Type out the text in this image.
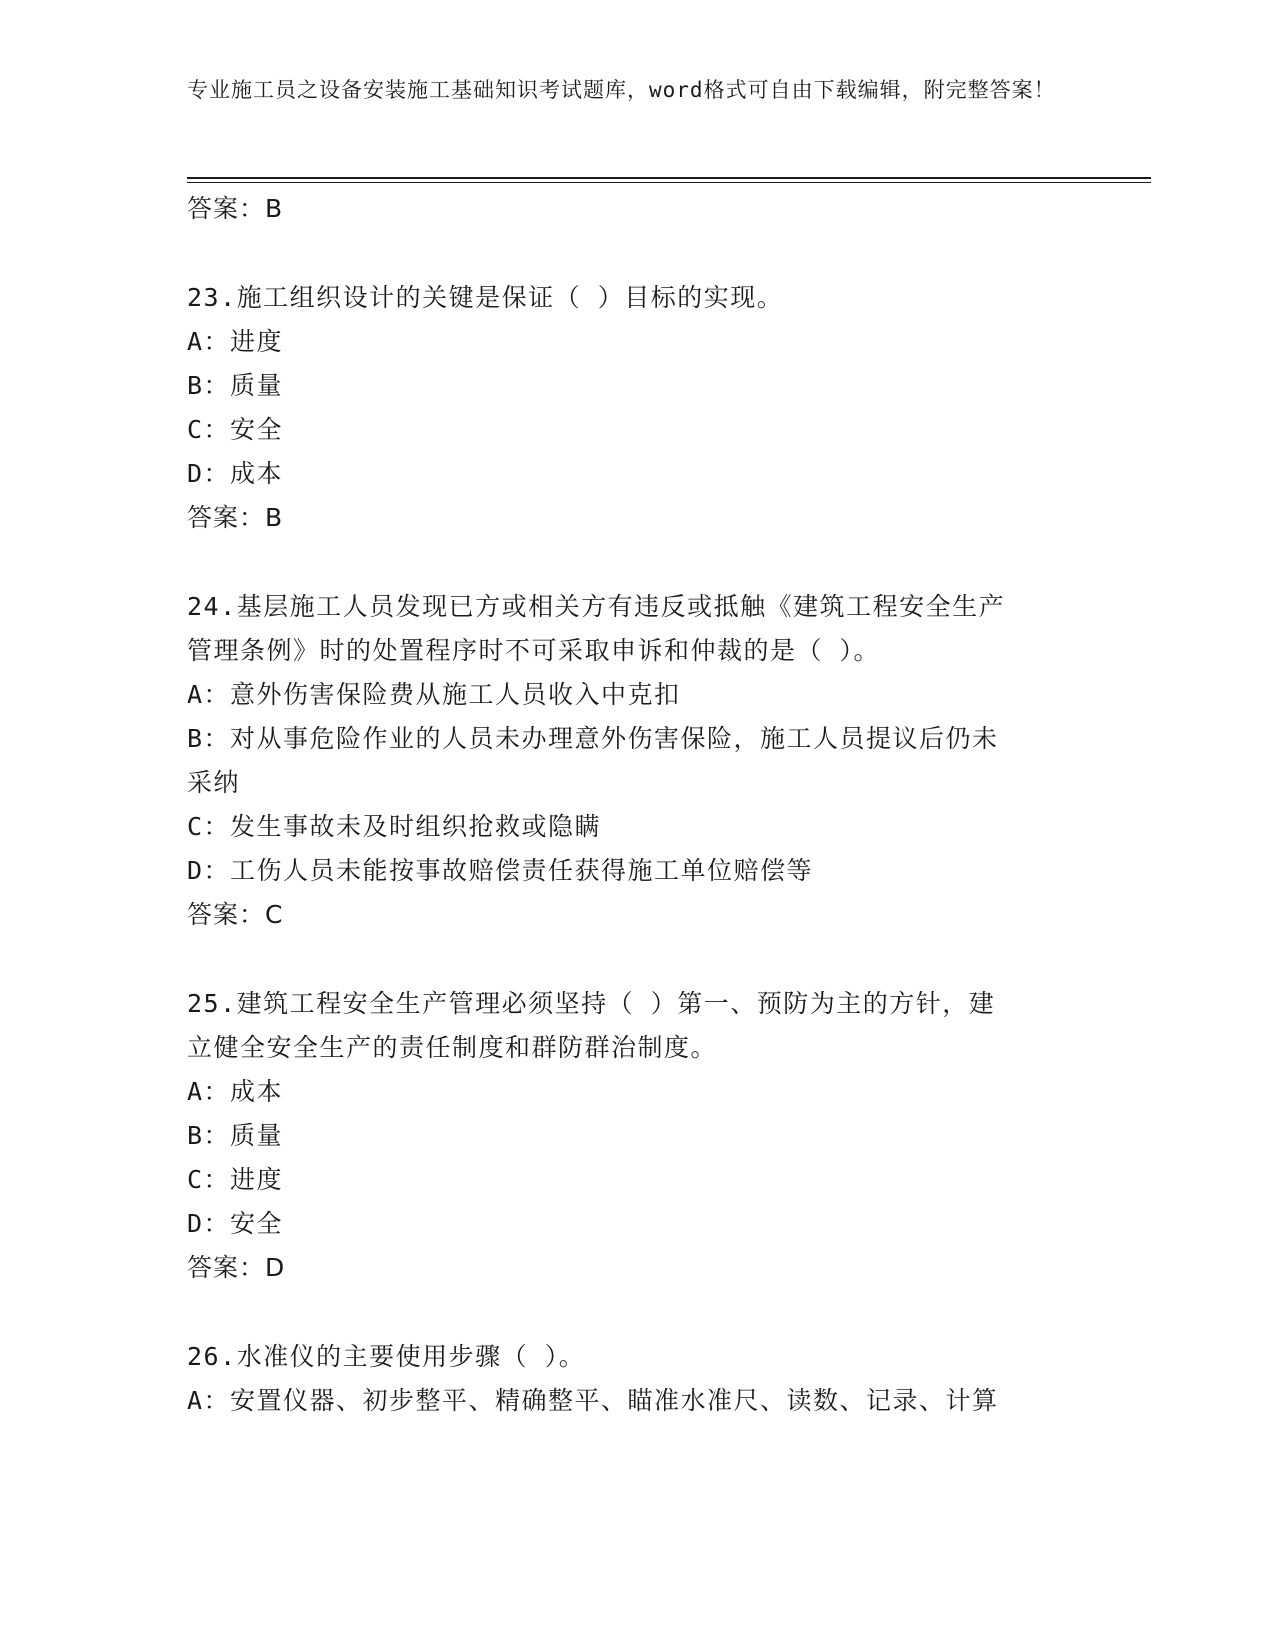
专业施工员之设备安装施工基础知识考试题库，word格式可自由下载编辑，附完整答案！
答案：B
23.施工组织设计的关键是保证（ ）目标的实现。
A：进度
B：质量
C：安全
D：成本
答案：B
24.基层施工人员发现已方或相关方有违反或抵触《建筑工程安全生产
管理条例》时的处置程序时不可采取申诉和仲裁的是（ ）。
A：意外伤害保险费从施工人员收入中克扣
B：对从事危险作业的人员未办理意外伤害保险，施工人员提议后仍未
采纳
C：发生事故未及时组织抢救或隐瞒
D：工伤人员未能按事故赔偿责任获得施工单位赔偿等
答案：C
25.建筑工程安全生产管理必须坚持（ ）第一、预防为主的方针，建
立健全安全生产的责任制度和群防群治制度。
A：成本
B：质量
C：进度
D：安全
答案：D
26.水准仪的主要使用步骤（ ）。
A：安置仪器、初步整平、精确整平、瞄准水准尺、读数、记录、计算
